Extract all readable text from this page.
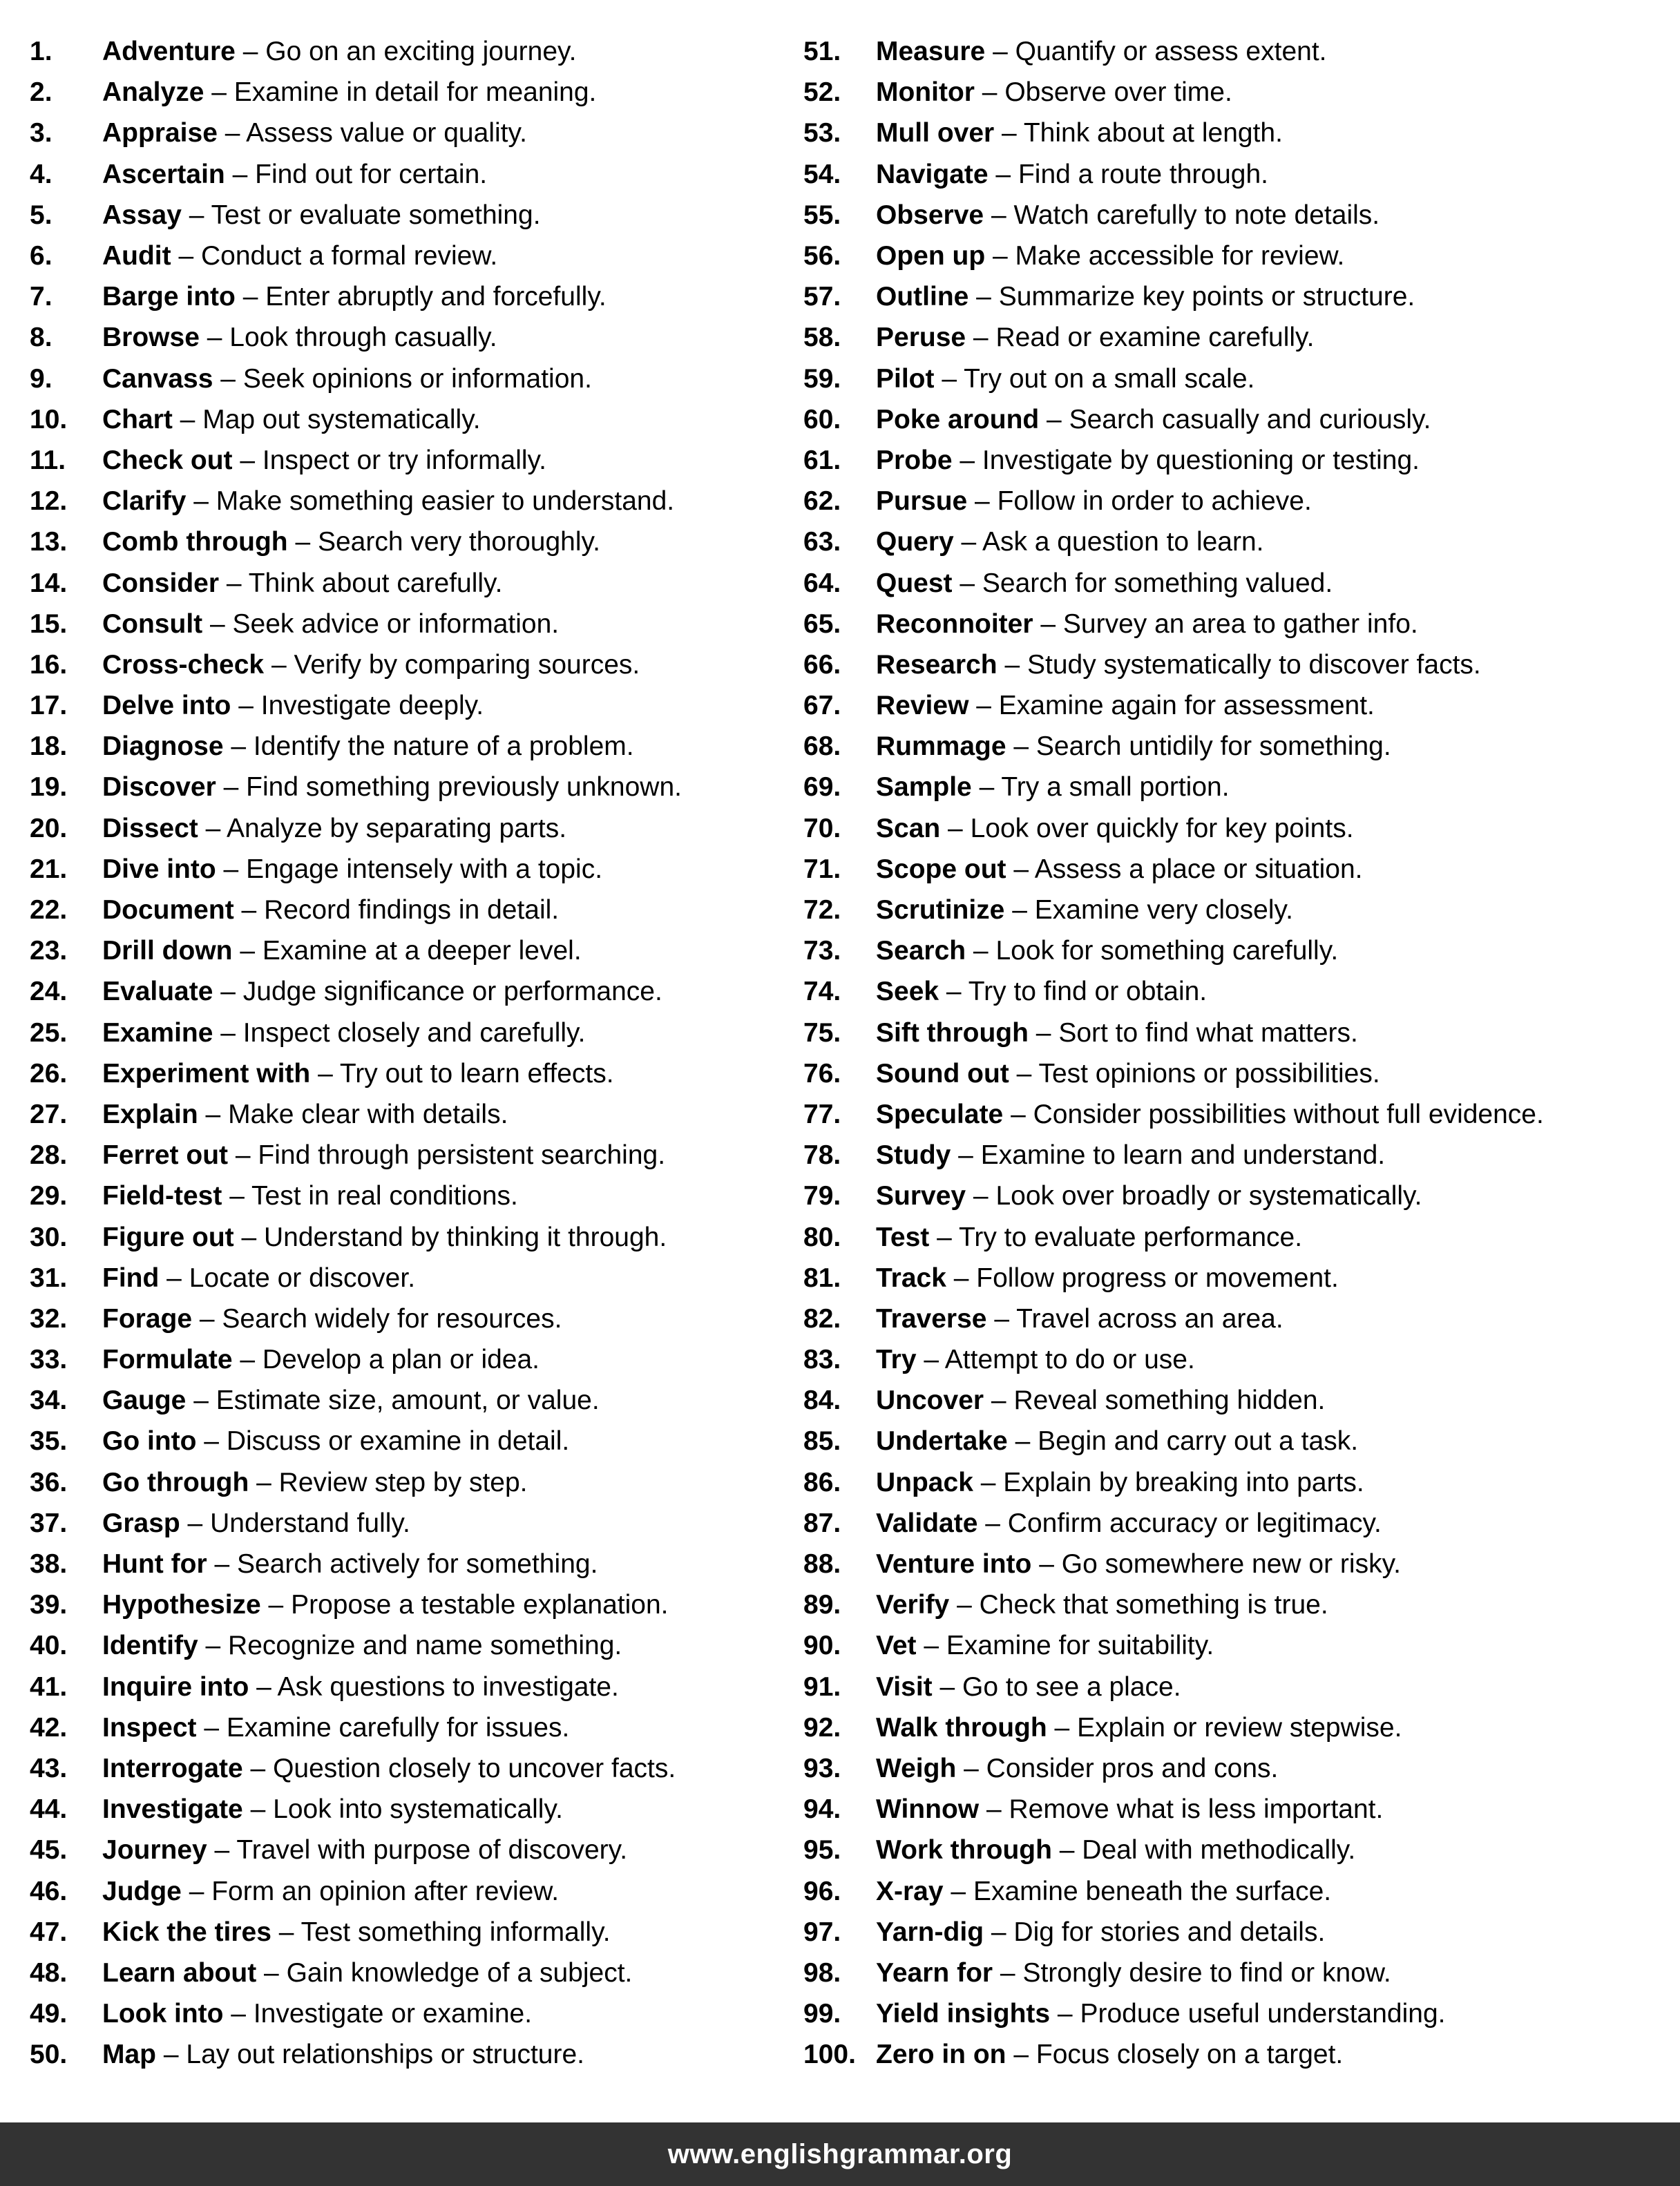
1.	Adventure – Go on an exciting journey.
2.	Analyze – Examine in detail for meaning.
3.	Appraise – Assess value or quality.
4.	Ascertain – Find out for certain.
5.	Assay – Test or evaluate something.
6.	Audit – Conduct a formal review.
7.	Barge into – Enter abruptly and forcefully.
8.	Browse – Look through casually.
9.	Canvass – Seek opinions or information.
10.	Chart – Map out systematically.
11.	Check out – Inspect or try informally.
12.	Clarify – Make something easier to understand.
13.	Comb through – Search very thoroughly.
14.	Consider – Think about carefully.
15.	Consult – Seek advice or information.
16.	Cross-check – Verify by comparing sources.
17.	Delve into – Investigate deeply.
18.	Diagnose – Identify the nature of a problem.
19.	Discover – Find something previously unknown.
20.	Dissect – Analyze by separating parts.
21.	Dive into – Engage intensely with a topic.
22.	Document – Record findings in detail.
23.	Drill down – Examine at a deeper level.
24.	Evaluate – Judge significance or performance.
25.	Examine – Inspect closely and carefully.
26.	Experiment with – Try out to learn effects.
27.	Explain – Make clear with details.
28.	Ferret out – Find through persistent searching.
29.	Field-test – Test in real conditions.
30.	Figure out – Understand by thinking it through.
31.	Find – Locate or discover.
32.	Forage – Search widely for resources.
33.	Formulate – Develop a plan or idea.
34.	Gauge – Estimate size, amount, or value.
35.	Go into – Discuss or examine in detail.
36.	Go through – Review step by step.
37.	Grasp – Understand fully.
38.	Hunt for – Search actively for something.
39.	Hypothesize – Propose a testable explanation.
40.	Identify – Recognize and name something.
41.	Inquire into – Ask questions to investigate.
42.	Inspect – Examine carefully for issues.
43.	Interrogate – Question closely to uncover facts.
44.	Investigate – Look into systematically.
45.	Journey – Travel with purpose of discovery.
46.	Judge – Form an opinion after review.
47.	Kick the tires – Test something informally.
48.	Learn about – Gain knowledge of a subject.
49.	Look into – Investigate or examine.
50.	Map – Lay out relationships or structure.
51.	Measure – Quantify or assess extent.
52.	Monitor – Observe over time.
53.	Mull over – Think about at length.
54.	Navigate – Find a route through.
55.	Observe – Watch carefully to note details.
56.	Open up – Make accessible for review.
57.	Outline – Summarize key points or structure.
58.	Peruse – Read or examine carefully.
59.	Pilot – Try out on a small scale.
60.	Poke around – Search casually and curiously.
61.	Probe – Investigate by questioning or testing.
62.	Pursue – Follow in order to achieve.
63.	Query – Ask a question to learn.
64.	Quest – Search for something valued.
65.	Reconnoiter – Survey an area to gather info.
66.	Research – Study systematically to discover facts.
67.	Review – Examine again for assessment.
68.	Rummage – Search untidily for something.
69.	Sample – Try a small portion.
70.	Scan – Look over quickly for key points.
71.	Scope out – Assess a place or situation.
72.	Scrutinize – Examine very closely.
73.	Search – Look for something carefully.
74.	Seek – Try to find or obtain.
75.	Sift through – Sort to find what matters.
76.	Sound out – Test opinions or possibilities.
77.	Speculate – Consider possibilities without full evidence.
78.	Study – Examine to learn and understand.
79.	Survey – Look over broadly or systematically.
80.	Test – Try to evaluate performance.
81.	Track – Follow progress or movement.
82.	Traverse – Travel across an area.
83.	Try – Attempt to do or use.
84.	Uncover – Reveal something hidden.
85.	Undertake – Begin and carry out a task.
86.	Unpack – Explain by breaking into parts.
87.	Validate – Confirm accuracy or legitimacy.
88.	Venture into – Go somewhere new or risky.
89.	Verify – Check that something is true.
90.	Vet – Examine for suitability.
91.	Visit – Go to see a place.
92.	Walk through – Explain or review stepwise.
93.	Weigh – Consider pros and cons.
94.	Winnow – Remove what is less important.
95.	Work through – Deal with methodically.
96.	X-ray – Examine beneath the surface.
97.	Yarn-dig – Dig for stories and details.
98.	Yearn for – Strongly desire to find or know.
99.	Yield insights – Produce useful understanding.
100. Zero in on – Focus closely on a target.
www.englishgrammar.org
